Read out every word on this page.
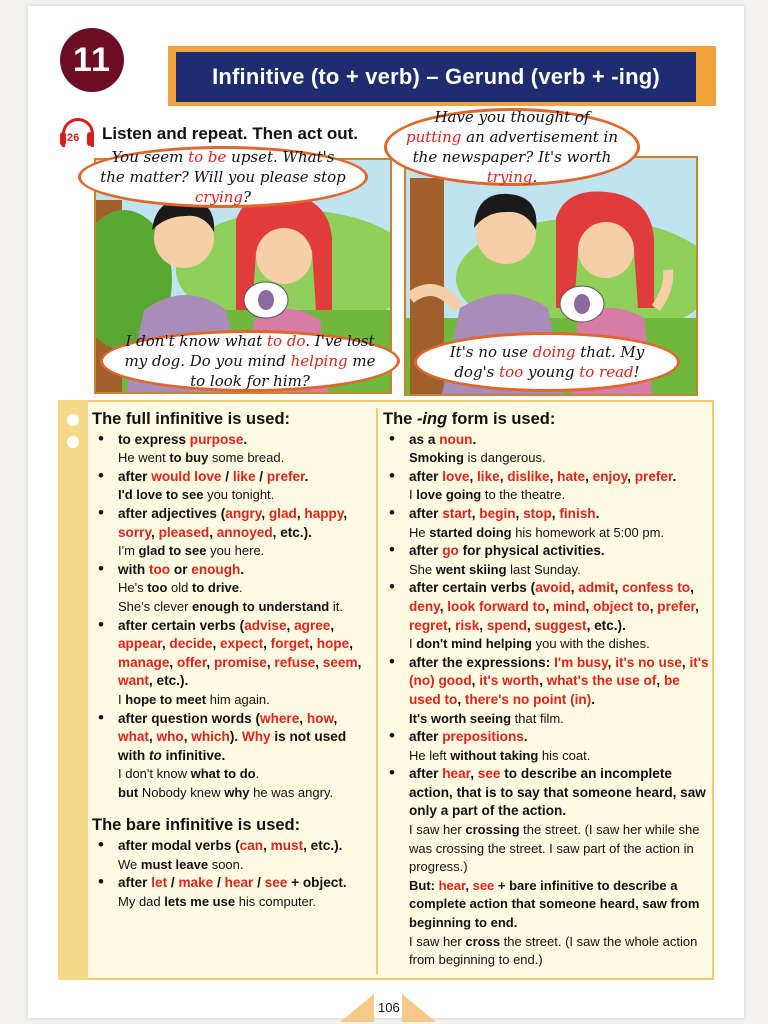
11	Infinitive (to + verb) – Gerund (verb + -ing)
26 Listen and repeat. Then act out.
You seem to be upset. What's the matter? Will you please stop crying?
Have you thought of putting an advertisement in the newspaper? It's worth trying.
I don't know what to do. I've lost my dog. Do you mind helping me to look for him?
It's no use doing that. My dog's too young to read!
The full infinitive is used:
• to express purpose.
He went to buy some bread.
• after would love / like / prefer.
I'd love to see you tonight.
• after adjectives (angry, glad, happy, sorry, pleased, annoyed, etc.).
I'm glad to see you here.
• with too or enough.
He's too old to drive.
She's clever enough to understand it.
• after certain verbs (advise, agree, appear, decide, expect, forget, hope, manage, offer, promise, refuse, seem, want, etc.).
I hope to meet him again.
• after question words (where, how, what, who, which). Why is not used with to infinitive.
I don't know what to do.
but Nobody knew why he was angry.
The bare infinitive is used:
• after modal verbs (can, must, etc.).
We must leave soon.
• after let / make / hear / see + object.
My dad lets me use his computer.
The -ing form is used:
• as a noun.
Smoking is dangerous.
• after love, like, dislike, hate, enjoy, prefer.
I love going to the theatre.
• after start, begin, stop, finish.
He started doing his homework at 5:00 pm.
• after go for physical activities.
She went skiing last Sunday.
• after certain verbs (avoid, admit, confess to, deny, look forward to, mind, object to, prefer, regret, risk, spend, suggest, etc.).
I don't mind helping you with the dishes.
• after the expressions: I'm busy, it's no use, it's (no) good, it's worth, what's the use of, be used to, there's no point (in).
It's worth seeing that film.
• after prepositions.
He left without taking his coat.
• after hear, see to describe an incomplete action, that is to say that someone heard, saw only a part of the action.
I saw her crossing the street. (I saw her while she was crossing the street. I saw part of the action in progress.)
But: hear, see + bare infinitive to describe a complete action that someone heard, saw from beginning to end.
I saw her cross the street. (I saw the whole action from beginning to end.)
106
